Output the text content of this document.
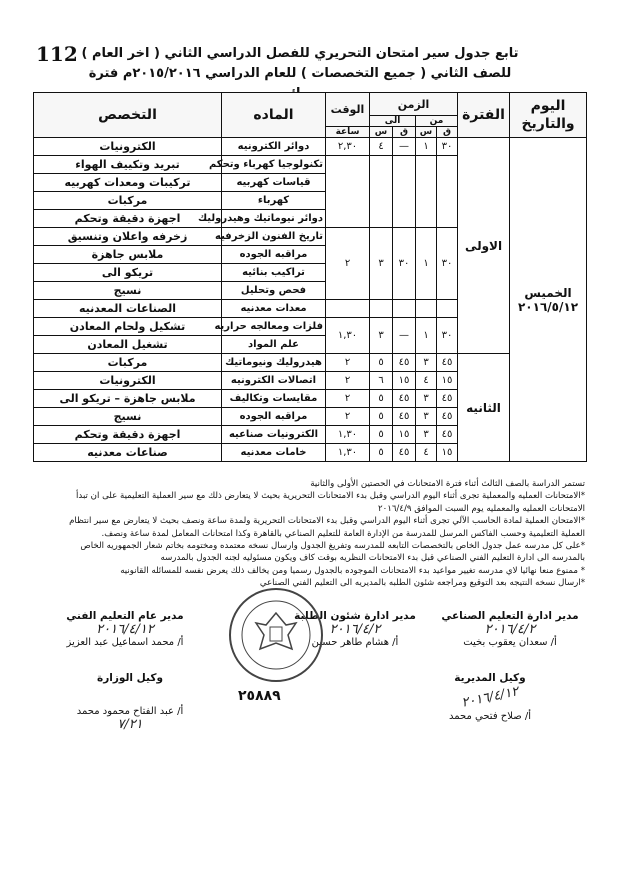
112 تابع جدول سير امتحان التحريري للفصل الدراسي الثاني ( اخر العام )
للصف الثاني ( جميع التخصصات ) للعام الدراسي ٢٠١٥/٢٠١٦م فترة
اليوم والتاريخ	الفترة	الزمن				الوقت	الماده	التخصص
		من		الى				
		ق	س	ق	س	ساعة		
الخميس ٢٠١٦/٥/١٢	الاولى	٣٠	١	—	٤	٢,٣٠	دوائر الكترونيه	الكترونيات
							تكنولوجيا كهرباء وتحكم	تبريد وتكييف الهواء
							قياسات كهربيه	تركيبات ومعدات كهربيه
							كهرباء	مركبات
							دوائر نيوماتيك وهيدروليك	اجهزة دقيقة وتحكم
		٣٠	١	٣٠	٣	٢	تاريخ الفنون الزخرفيه	زخرفه واعلان وتنسيق
							مراقبه الجوده	ملابس جاهزة
							تراكيب بنائيه	تريكو الى
							فحص وتحليل	نسيج
							معدات معدنيه	الصناعات المعدنيه
		٣٠	١	—	٣	١,٣٠	فلزات ومعالجه حراريه	تشكيل ولحام المعادن
							علم المواد	تشغيل المعادن
	الثانيه	٤٥	٣	٤٥	٥	٢	هيدروليك ونيوماتيك	مركبات
		١٥	٤	١٥	٦	٢	اتصالات الكترونيه	الكترونيات
		٤٥	٣	٤٥	٥	٢	مقايسات وتكاليف	ملابس جاهزة – تريكو الى
		٤٥	٣	٤٥	٥	٢	مراقبه الجوده	نسيج
		٤٥	٣	١٥	٥	١,٣٠	الكترونيات صناعيه	اجهزة دقيقة وتحكم
		١٥	٤	٤٥	٥	١,٣٠	خامات معدنيه	صناعات معدنيه

تستمر الدراسة بالصف الثالث أثناء فترة الامتحانات في الحصتين الأولى والثانية

*الامتحانات العمليه والمعملية تجرى أثناء اليوم الدراسي وقبل بدء الامتحانات التحريرية بحيث لا يتعارض ذلك مع سير العملية التعليمية على ان تبدأ

الامتحانات العمليه والمعمليه يوم السبت الموافق ٢٠١٦/٤/٩

*الامتحان العملية لمادة الحاسب الآلي تجرى أثناء اليوم الدراسي وقبل بدء الامتحانات التحريرية ولمدة ساعة ونصف بحيث لا يتعارض مع سير انتظام

العملية التعليمية وحسب الفاكس المرسل للمدرسة من الإدارة العامة للتعليم الصناعي بالقاهرة وكذا امتحانات المعامل لمدة ساعة ونصف.

*على كل مدرسه عمل جدول الخاص بالتخصصات التابعه للمدرسه وتفريغ الجدول وارسال نسخه معتمده ومختومه بخاتم شعار الجمهوريه الخاص

بالمدرسه الى ادارة التعليم الفني الصناعي قبل بدء الامتحانات النظريه بوقت كاف ويكون مسئوليه لجنه الجدول بالمدرسه

* ممنوع منعا نهائيا لاي مدرسه تغيير مواعيد بدء الامتحانات الموجوده بالجدول رسميا ومن يخالف ذلك يعرض نفسه للمسائله القانونيه

*ارسال نسخه النتيجه بعد التوقيع ومراجعه شئون الطلبه بالمديريه الى التعليم الفني الصناعي

مدير ادارة التعليم الصناعي
٢٠١٦/٤/٢
أ/ سعدان يعقوب بخيت
مدير ادارة شئون الطلبة
٢٠١٦/٤/٢
أ/ هشام طاهر حسين
مدير عام التعليم الفني
٢٠١٦/٤/١٢
أ/ محمد اسماعيل عبد العزيز
٢٥٨٨٩
وكيل المديرية
٢٠١٦/٤/١٢
أ/ صلاح فتحي محمد
وكيل الوزارة
أ/ عبد الفتاح محمود محمد
٧/٢١
